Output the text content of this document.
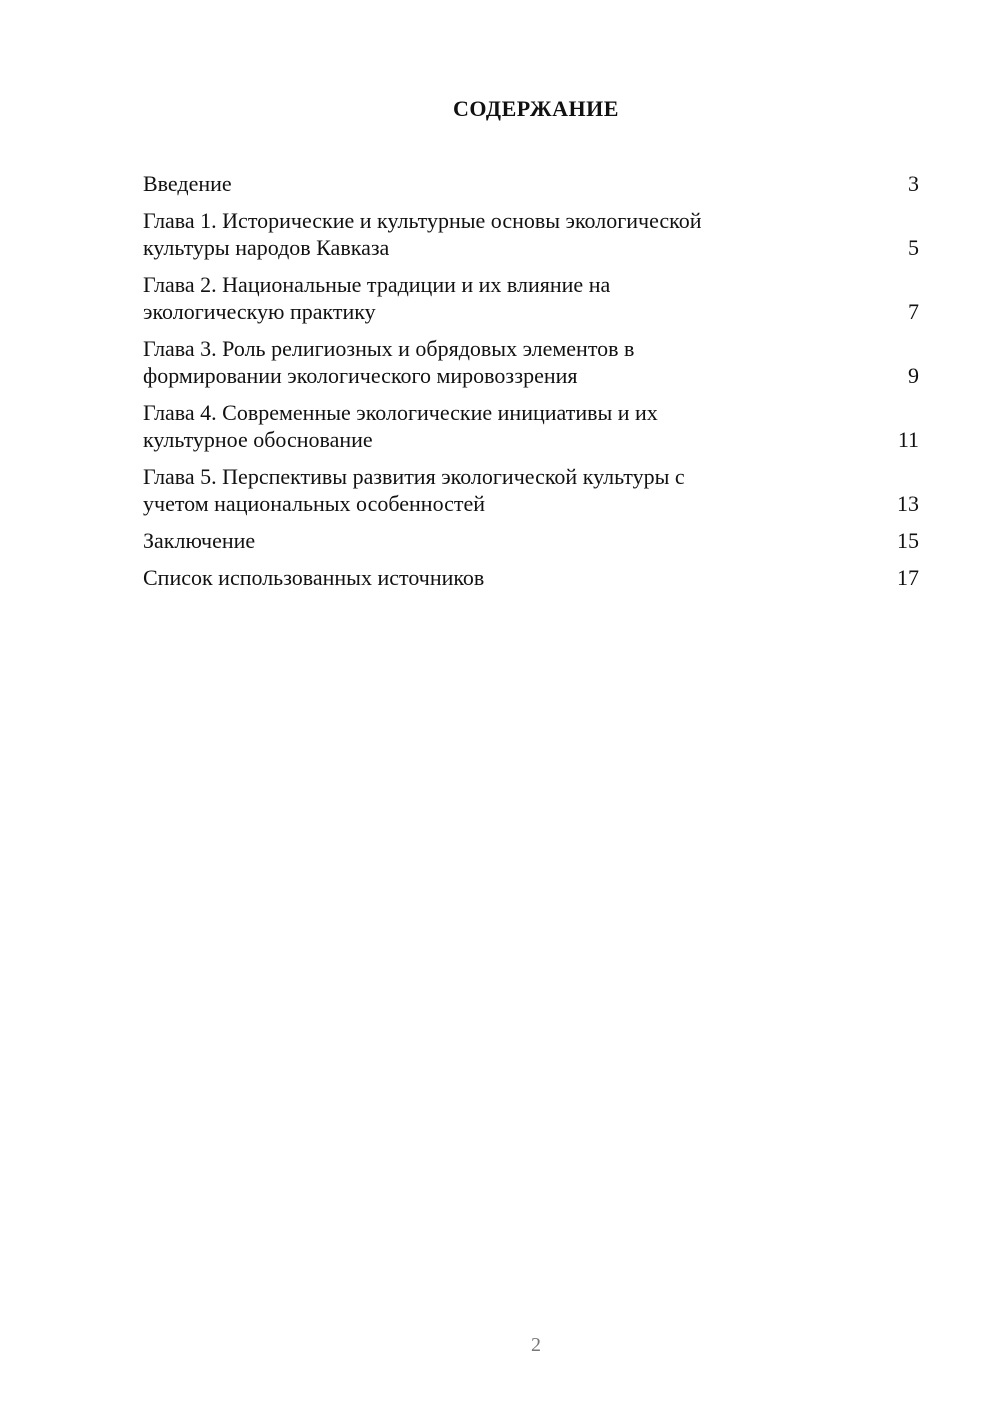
СОДЕРЖАНИЕ
Введение	3
Глава 1. Исторические и культурные основы экологической
культуры народов Кавказа	5
Глава 2. Национальные традиции и их влияние на
экологическую практику	7
Глава 3. Роль религиозных и обрядовых элементов в
формировании экологического мировоззрения	9
Глава 4. Современные экологические инициативы и их
культурное обоснование	11
Глава 5. Перспективы развития экологической культуры с
учетом национальных особенностей	13
Заключение	15
Список использованных источников	17
2
